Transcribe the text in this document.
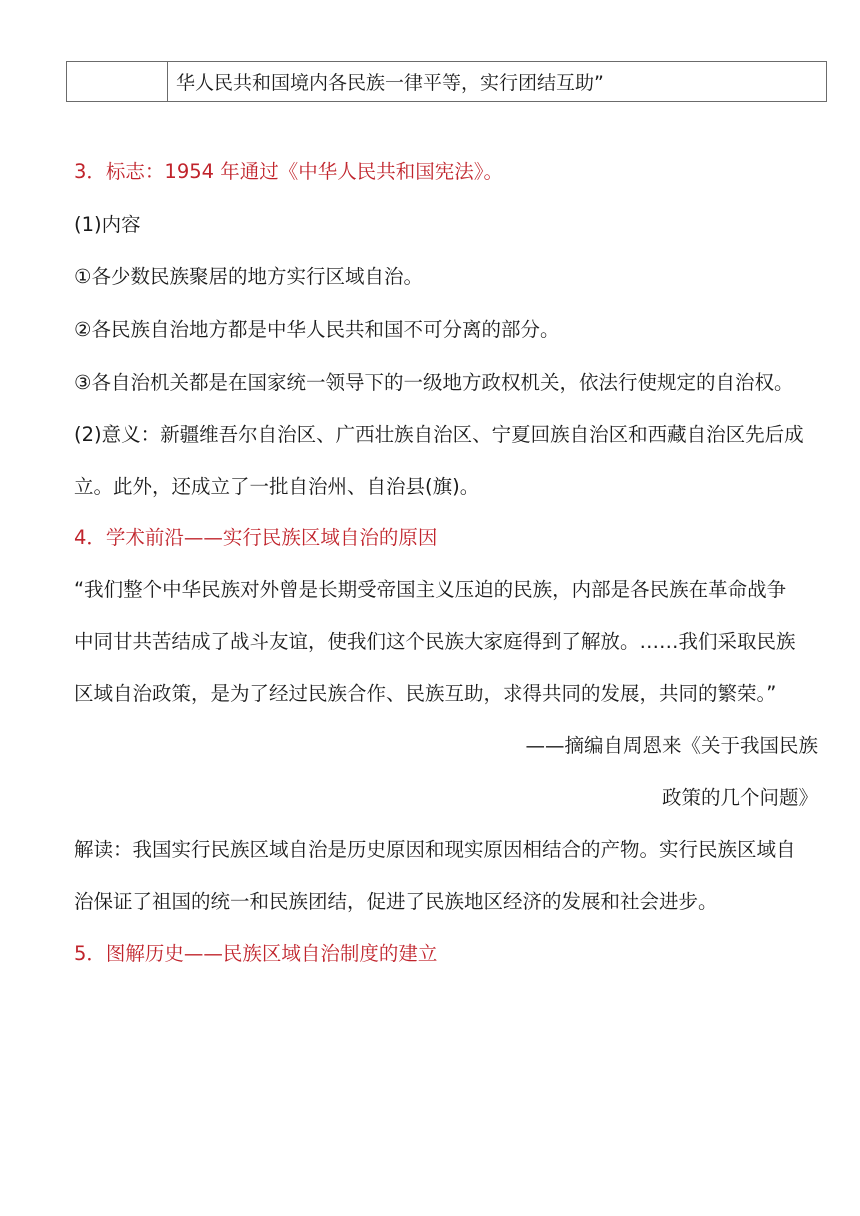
	华人民共和国境内各民族一律平等，实行团结互助”

3．标志：1954 年通过《中华人民共和国宪法》。

(1)内容

①各少数民族聚居的地方实行区域自治。

②各民族自治地方都是中华人民共和国不可分离的部分。

③各自治机关都是在国家统一领导下的一级地方政权机关，依法行使规定的自治权。

(2)意义：新疆维吾尔自治区、广西壮族自治区、宁夏回族自治区和西藏自治区先后成

立。此外，还成立了一批自治州、自治县(旗)。

4．学术前沿——实行民族区域自治的原因

“我们整个中华民族对外曾是长期受帝国主义压迫的民族，内部是各民族在革命战争

中同甘共苦结成了战斗友谊，使我们这个民族大家庭得到了解放。……我们采取民族

区域自治政策，是为了经过民族合作、民族互助，求得共同的发展，共同的繁荣。”

——摘编自周恩来《关于我国民族

政策的几个问题》

解读：我国实行民族区域自治是历史原因和现实原因相结合的产物。实行民族区域自

治保证了祖国的统一和民族团结，促进了民族地区经济的发展和社会进步。

5．图解历史——民族区域自治制度的建立
